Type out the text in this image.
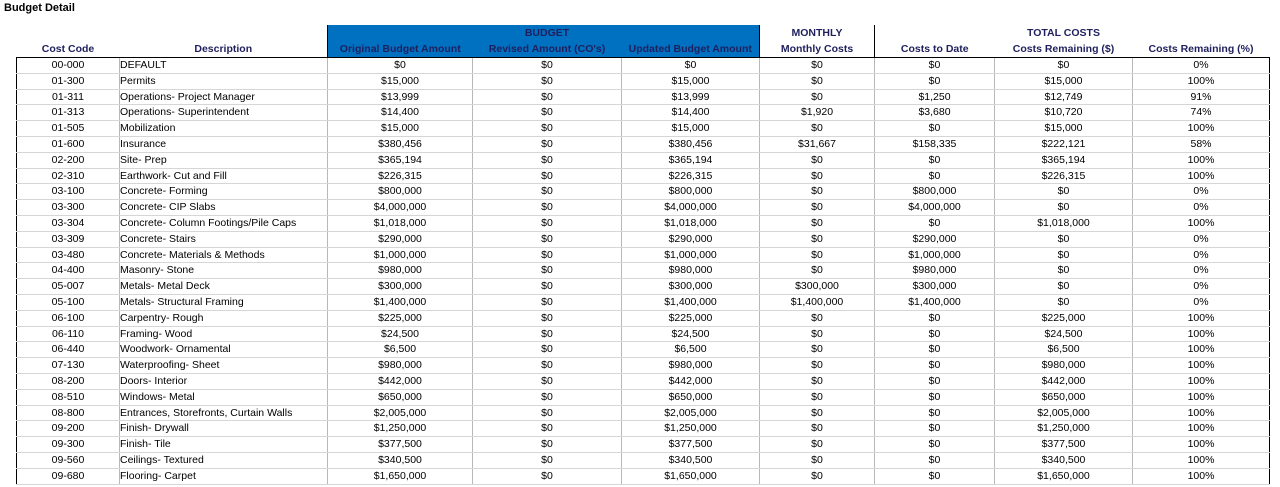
Budget Detail
			BUDGET		MONTHLY		TOTAL COSTS	
Cost Code	Description	Original Budget Amount	Revised Amount (CO's)	Updated Budget Amount	Monthly Costs	Costs to Date	Costs Remaining ($)	Costs Remaining (%)
00-000	DEFAULT	$0	$0	$0	$0	$0	$0	0%
01-300	Permits	$15,000	$0	$15,000	$0	$0	$15,000	100%
01-311	Operations- Project Manager	$13,999	$0	$13,999	$0	$1,250	$12,749	91%
01-313	Operations- Superintendent	$14,400	$0	$14,400	$1,920	$3,680	$10,720	74%
01-505	Mobilization	$15,000	$0	$15,000	$0	$0	$15,000	100%
01-600	Insurance	$380,456	$0	$380,456	$31,667	$158,335	$222,121	58%
02-200	Site- Prep	$365,194	$0	$365,194	$0	$0	$365,194	100%
02-310	Earthwork- Cut and Fill	$226,315	$0	$226,315	$0	$0	$226,315	100%
03-100	Concrete- Forming	$800,000	$0	$800,000	$0	$800,000	$0	0%
03-300	Concrete- CIP Slabs	$4,000,000	$0	$4,000,000	$0	$4,000,000	$0	0%
03-304	Concrete- Column Footings/Pile Caps	$1,018,000	$0	$1,018,000	$0	$0	$1,018,000	100%
03-309	Concrete- Stairs	$290,000	$0	$290,000	$0	$290,000	$0	0%
03-480	Concrete- Materials & Methods	$1,000,000	$0	$1,000,000	$0	$1,000,000	$0	0%
04-400	Masonry- Stone	$980,000	$0	$980,000	$0	$980,000	$0	0%
05-007	Metals- Metal Deck	$300,000	$0	$300,000	$300,000	$300,000	$0	0%
05-100	Metals- Structural Framing	$1,400,000	$0	$1,400,000	$1,400,000	$1,400,000	$0	0%
06-100	Carpentry- Rough	$225,000	$0	$225,000	$0	$0	$225,000	100%
06-110	Framing- Wood	$24,500	$0	$24,500	$0	$0	$24,500	100%
06-440	Woodwork- Ornamental	$6,500	$0	$6,500	$0	$0	$6,500	100%
07-130	Waterproofing- Sheet	$980,000	$0	$980,000	$0	$0	$980,000	100%
08-200	Doors- Interior	$442,000	$0	$442,000	$0	$0	$442,000	100%
08-510	Windows- Metal	$650,000	$0	$650,000	$0	$0	$650,000	100%
08-800	Entrances, Storefronts, Curtain Walls	$2,005,000	$0	$2,005,000	$0	$0	$2,005,000	100%
09-200	Finish- Drywall	$1,250,000	$0	$1,250,000	$0	$0	$1,250,000	100%
09-300	Finish- Tile	$377,500	$0	$377,500	$0	$0	$377,500	100%
09-560	Ceilings- Textured	$340,500	$0	$340,500	$0	$0	$340,500	100%
09-680	Flooring- Carpet	$1,650,000	$0	$1,650,000	$0	$0	$1,650,000	100%
